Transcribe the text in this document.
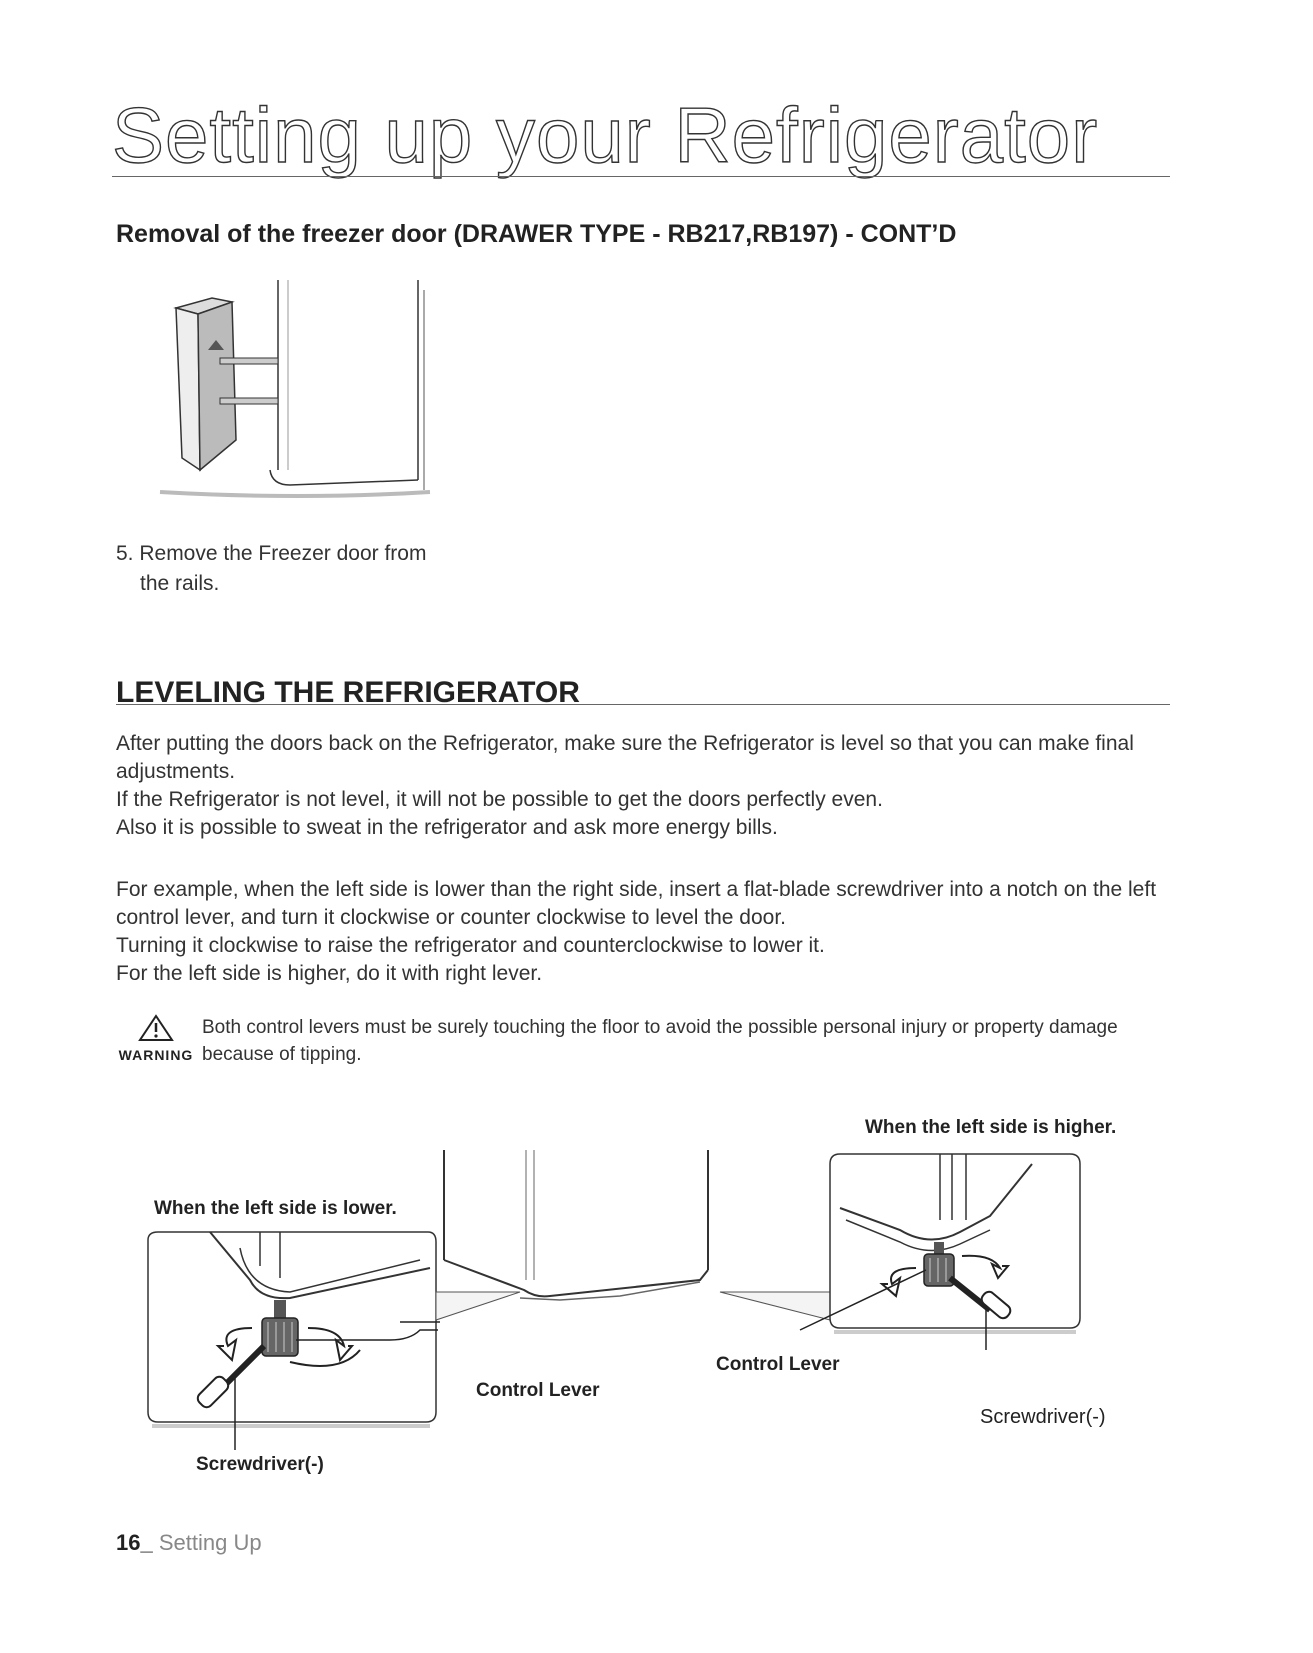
Setting up your Refrigerator
Removal of the freezer door (DRAWER TYPE - RB217,RB197) - CONT’D
5. Remove the Freezer door from
the rails.
LEVELING THE REFRIGERATOR
After putting the doors back on the Refrigerator, make sure the Refrigerator is level so that you can make final adjustments.
If the Refrigerator is not level, it will not be possible to get the doors perfectly even.
Also it is possible to sweat in the refrigerator and ask more energy bills.
For example, when the left side is lower than the right side, insert a flat-blade screwdriver into a notch on the left control lever, and turn it clockwise or counter clockwise to level the door.
Turning it clockwise to raise the refrigerator and counterclockwise to lower it.
For the left side is higher, do it with right lever.
WARNING
Both control levers must be surely touching the floor to avoid the possible personal injury or property damage because of tipping.
When the left side is higher.
When the left side is lower.
Control Lever
Control Lever
Screwdriver(-)
Screwdriver(-)
16_ Setting Up
